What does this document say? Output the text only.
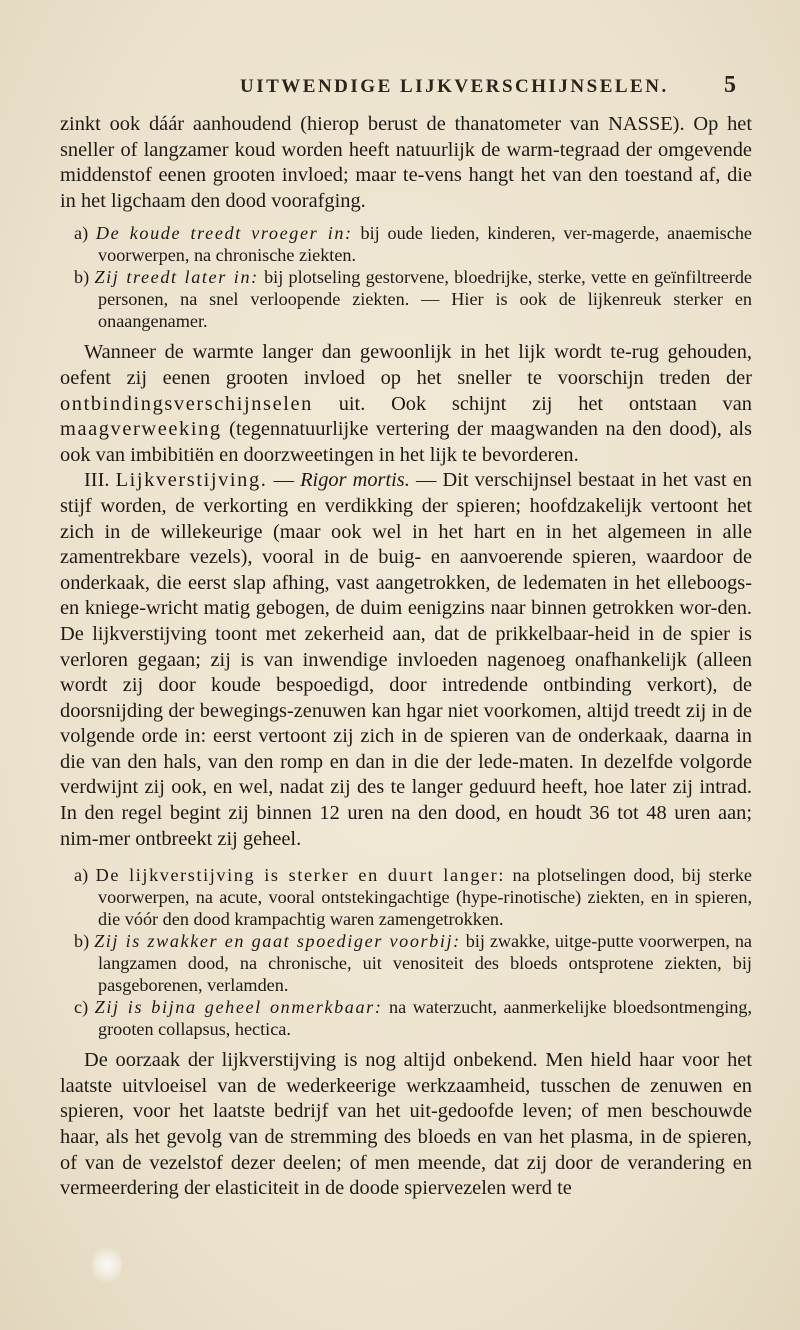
UITWENDIGE LIJKVERSCHIJNSELEN. 5

zinkt ook dáár aanhoudend (hierop berust de thanatometer van NASSE). Op het sneller of langzamer koud worden heeft natuurlijk de warm-tegraad der omgevende middenstof eenen grooten invloed; maar te-vens hangt het van den toestand af, die in het ligchaam den dood voorafging.

a) De koude treedt vroeger in: bij oude lieden, kinderen, ver-magerde, anaemische voorwerpen, na chronische ziekten.

b) Zij treedt later in: bij plotseling gestorvene, bloedrijke, sterke, vette en geïnfiltreerde personen, na snel verloopende ziekten. — Hier is ook de lijkenreuk sterker en onaangenamer.

Wanneer de warmte langer dan gewoonlijk in het lijk wordt te-rug gehouden, oefent zij eenen grooten invloed op het sneller te voorschijn treden der ontbindingsverschijnselen uit. Ook schijnt zij het ontstaan van maagverweeking (tegennatuurlijke vertering der maagwanden na den dood), als ook van imbibitiën en doorzweetingen in het lijk te bevorderen.

III. Lijkverstijving. — Rigor mortis. — Dit verschijnsel bestaat in het vast en stijf worden, de verkorting en verdikking der spieren; hoofdzakelijk vertoont het zich in de willekeurige (maar ook wel in het hart en in het algemeen in alle zamentrekbare vezels), vooral in de buig- en aanvoerende spieren, waardoor de onderkaak, die eerst slap afhing, vast aangetrokken, de ledematen in het elleboogs- en kniege-wricht matig gebogen, de duim eenigzins naar binnen getrokken wor-den. De lijkverstijving toont met zekerheid aan, dat de prikkelbaar-heid in de spier is verloren gegaan; zij is van inwendige invloeden nagenoeg onafhankelijk (alleen wordt zij door koude bespoedigd, door intredende ontbinding verkort), de doorsnijding der bewegings-zenuwen kan hgar niet voorkomen, altijd treedt zij in de volgende orde in: eerst vertoont zij zich in de spieren van de onderkaak, daarna in die van den hals, van den romp en dan in die der lede-maten. In dezelfde volgorde verdwijnt zij ook, en wel, nadat zij des te langer geduurd heeft, hoe later zij intrad. In den regel begint zij binnen 12 uren na den dood, en houdt 36 tot 48 uren aan; nim-mer ontbreekt zij geheel.

a) De lijkverstijving is sterker en duurt langer: na plotselingen dood, bij sterke voorwerpen, na acute, vooral ontstekingachtige (hype-rinotische) ziekten, en in spieren, die vóór den dood krampachtig waren zamengetrokken.

b) Zij is zwakker en gaat spoediger voorbij: bij zwakke, uitge-putte voorwerpen, na langzamen dood, na chronische, uit venositeit des bloeds ontsprotene ziekten, bij pasgeborenen, verlamden.

c) Zij is bijna geheel onmerkbaar: na waterzucht, aanmerkelijke bloedsontmenging, grooten collapsus, hectica.

De oorzaak der lijkverstijving is nog altijd onbekend. Men hield haar voor het laatste uitvloeisel van de wederkeerige werkzaamheid, tusschen de zenuwen en spieren, voor het laatste bedrijf van het uit-gedoofde leven; of men beschouwde haar, als het gevolg van de stremming des bloeds en van het plasma, in de spieren, of van de vezelstof dezer deelen; of men meende, dat zij door de verandering en vermeerdering der elasticiteit in de doode spiervezelen werd te
